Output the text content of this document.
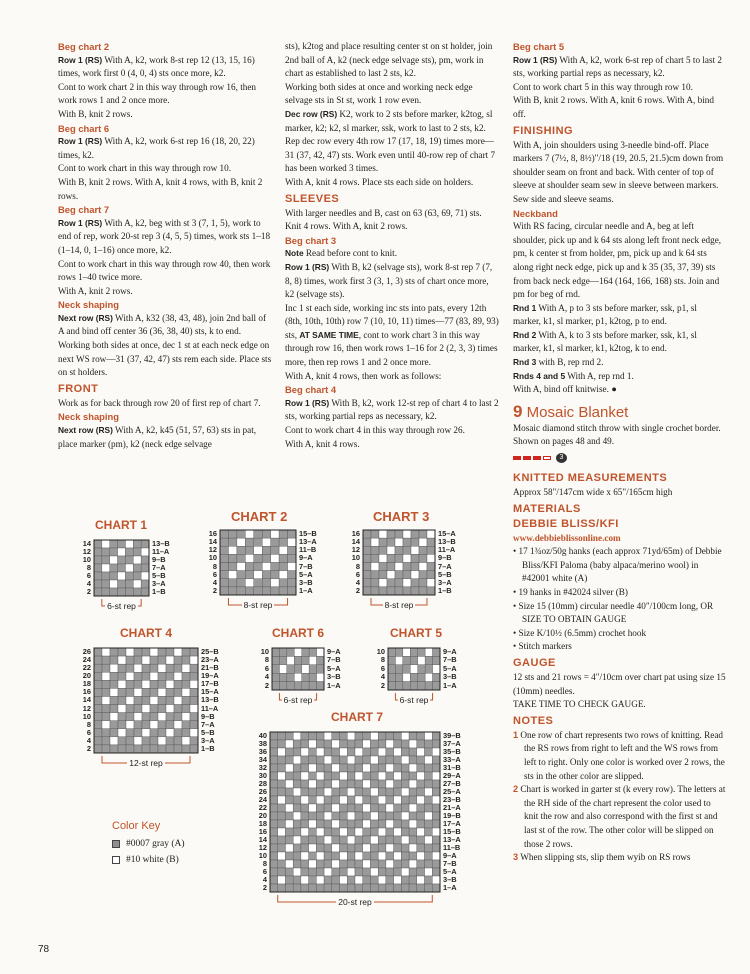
Beg chart 2

Row 1 (RS) With A, k2, work 8-st rep 12 (13, 15, 16) times, work first 0 (4, 0, 4) sts once more, k2.

Cont to work chart 2 in this way through row 16, then work rows 1 and 2 once more.

With B, knit 2 rows.

Beg chart 6

Row 1 (RS) With A, k2, work 6-st rep 16 (18, 20, 22) times, k2.

Cont to work chart in this way through row 10.

With B, knit 2 rows. With A, knit 4 rows, with B, knit 2 rows.

Beg chart 7

Row 1 (RS) With A, k2, beg with st 3 (7, 1, 5), work to end of rep, work 20-st rep 3 (4, 5, 5) times, work sts 1–18 (1–14, 0, 1–16) once more, k2.

Cont to work chart in this way through row 40, then work rows 1–40 twice more.

With A, knit 2 rows.

Neck shaping

Next row (RS) With A, k32 (38, 43, 48), join 2nd ball of A and bind off center 36 (36, 38, 40) sts, k to end.

Working both sides at once, dec 1 st at each neck edge on next WS row—31 (37, 42, 47) sts rem each side. Place sts on st holders.

FRONT

Work as for back through row 20 of first rep of chart 7.

Neck shaping

Next row (RS) With A, k2, k45 (51, 57, 63) sts in pat, place marker (pm), k2 (neck edge selvage

sts), k2tog and place resulting center st on st holder, join 2nd ball of A, k2 (neck edge selvage sts), pm, work in chart as established to last 2 sts, k2.

Working both sides at once and working neck edge selvage sts in St st, work 1 row even.

Dec row (RS) K2, work to 2 sts before marker, k2tog, sl marker, k2; k2, sl marker, ssk, work to last to 2 sts, k2.

Rep dec row every 4th row 17 (17, 18, 19) times more—31 (37, 42, 47) sts. Work even until 40-row rep of chart 7 has been worked 3 times.

With A, knit 4 rows. Place sts each side on holders.

SLEEVES

With larger needles and B, cast on 63 (63, 69, 71) sts. Knit 4 rows. With A, knit 2 rows.

Beg chart 3

Note Read before cont to knit.

Row 1 (RS) With B, k2 (selvage sts), work 8-st rep 7 (7, 8, 8) times, work first 3 (3, 1, 3) sts of chart once more, k2 (selvage sts).

Inc 1 st each side, working inc sts into pats, every 12th (8th, 10th, 10th) row 7 (10, 10, 11) times—77 (83, 89, 93) sts, AT SAME TIME, cont to work chart 3 in this way through row 16, then work rows 1–16 for 2 (2, 3, 3) times more, then rep rows 1 and 2 once more.

With A, knit 4 rows, then work as follows:

Beg chart 4

Row 1 (RS) With B, k2, work 12-st rep of chart 4 to last 2 sts, working partial reps as necessary, k2.

Cont to work chart 4 in this way through row 26.

With A, knit 4 rows.

Beg chart 5

Row 1 (RS) With A, k2, work 6-st rep of chart 5 to last 2 sts, working partial reps as necessary, k2.

Cont to work chart 5 in this way through row 10.

With B, knit 2 rows. With A, knit 6 rows. With A, bind off.

FINISHING

With A, join shoulders using 3-needle bind-off. Place markers 7 (7½, 8, 8½)"/18 (19, 20.5, 21.5)cm down from shoulder seam on front and back. With center of top of sleeve at shoulder seam sew in sleeve between markers. Sew side and sleeve seams.

Neckband

With RS facing, circular needle and A, beg at left shoulder, pick up and k 64 sts along left front neck edge, pm, k center st from holder, pm, pick up and k 64 sts along right neck edge, pick up and k 35 (35, 37, 39) sts from back neck edge—164 (164, 166, 168) sts. Join and pm for beg of rnd.

Rnd 1 With A, p to 3 sts before marker, ssk, p1, sl marker, k1, sl marker, p1, k2tog, p to end.

Rnd 2 With A, k to 3 sts before marker, ssk, k1, sl marker, k1, sl marker, k1, k2tog, k to end.

Rnd 3 with B, rep rnd 2.

Rnds 4 and 5 With A, rep rnd 1.

With A, bind off knitwise. ●

9 Mosaic Blanket

Mosaic diamond stitch throw with single crochet border. Shown on pages 48 and 49.

3
KNITTED MEASUREMENTS

Approx 58"/147cm wide x 65"/165cm high

MATERIALS
DEBBIE BLISS/KFI

www.debbieblissonline.com

• 17 1¾oz/50g hanks (each approx 71yd/65m) of Debbie Bliss/KFI Paloma (baby alpaca/merino wool) in #42001 white (A)

• 19 hanks in #42024 silver (B)

• Size 15 (10mm) circular needle 40"/100cm long, OR SIZE TO OBTAIN GAUGE

• Size K/10½ (6.5mm) crochet hook

• Stitch markers

GAUGE

12 sts and 21 rows = 4"/10cm over chart pat using size 15 (10mm) needles.

TAKE TIME TO CHECK GAUGE.

NOTES

1 One row of chart represents two rows of knitting. Read the RS rows from right to left and the WS rows from left to right. Only one color is worked over 2 rows, the sts in the other color are slipped.

2 Chart is worked in garter st (k every row). The letters at the RH side of the chart represent the color used to knit the row and also correspond with the first st and last st of the row. The other color will be slipped on those 2 rows.

3 When slipping sts, slip them wyib on RS rows

CHART 1
6-st rep
14
12
10
8
6
4
2
13–B
11–A
9–B
7–A
5–B
3–A
1–B
CHART 2
8-st rep
16
14
12
10
8
6
4
2
15–B
13–A
11–B
9–A
7–B
5–A
3–B
1–A
CHART 3
8-st rep
16
14
12
10
8
6
4
2
15–A
13–B
11–A
9–B
7–A
5–B
3–A
1–B
CHART 4
12-st rep
26
24
22
20
18
16
14
12
10
8
6
4
2
25–B
23–A
21–B
19–A
17–B
15–A
13–B
11–A
9–B
7–A
5–B
3–A
1–B
CHART 6
6-st rep
10
8
6
4
2
9–A
7–B
5–A
3–B
1–A
CHART 5
6-st rep
10
8
6
4
2
9–A
7–B
5–A
3–B
1–A
CHART 7
20-st rep
40
38
36
34
32
30
28
26
24
22
20
18
16
14
12
10
8
6
4
2
39–B
37–A
35–B
33–A
31–B
29–A
27–B
25–A
23–B
21–A
19–B
17–A
15–B
13–A
11–B
9–A
7–B
5–A
3–B
1–A
Color Key
#0007 gray (A)
#10 white (B)
78
